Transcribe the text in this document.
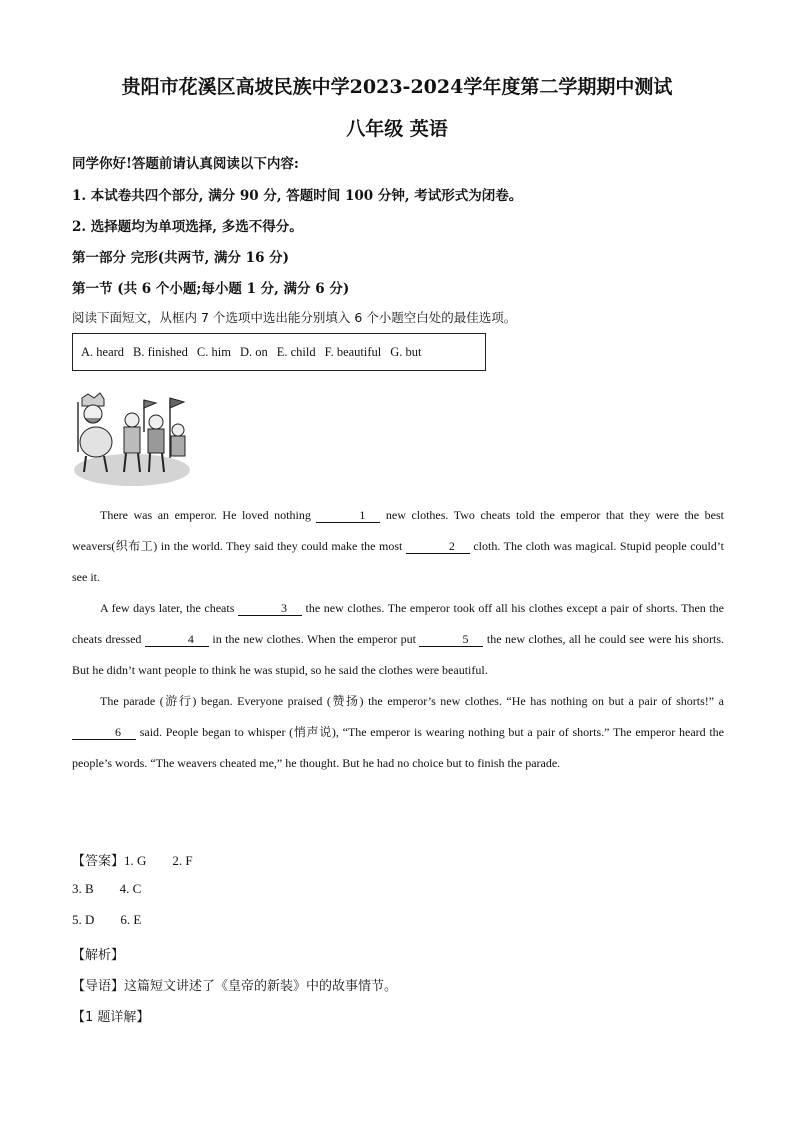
贵阳市花溪区高坡民族中学2023-2024学年度第二学期期中测试
八年级 英语
同学你好!答题前请认真阅读以下内容:
1. 本试卷共四个部分, 满分 90 分, 答题时间 100 分钟, 考试形式为闭卷。
2. 选择题均为单项选择, 多选不得分。
第一部分 完形(共两节, 满分 16 分)
第一节 (共 6 个小题;每小题 1 分, 满分 6 分)
阅读下面短文，从框内 7 个选项中选出能分别填入 6 个小题空白处的最佳选项。
A. heard B. finished C. him D. on E. child F. beautiful G. but

There was an emperor. He loved nothing	1 new clothes. Two cheats told the emperor that they were the best weavers(织布工) in the world. They said they could make the most	2 cloth. The cloth was magical. Stupid people could’t see it.

A few days later, the cheats	3 the new clothes. The emperor took off all his clothes except a pair of shorts. Then the cheats dressed	4 in the new clothes. When the emperor put	5 the new clothes, all he could see were his shorts. But he didn’t want people to think he was stupid, so he said the clothes were beautiful.

The parade (游行) began. Everyone praised (赞扬) the emperor’s new clothes. “He has nothing on but a pair of shorts!” a 6 said. People began to whisper (悄声说), “The emperor is wearing nothing but a pair of shorts.” The emperor heard the people’s words. “The weavers cheated me,” he thought. But he had no choice but to finish the parade.

【答案】1. G 2. F
3. B 4. C
5. D 6. E
【解析】
【导语】这篇短文讲述了《皇帝的新装》中的故事情节。
【1 题详解】
